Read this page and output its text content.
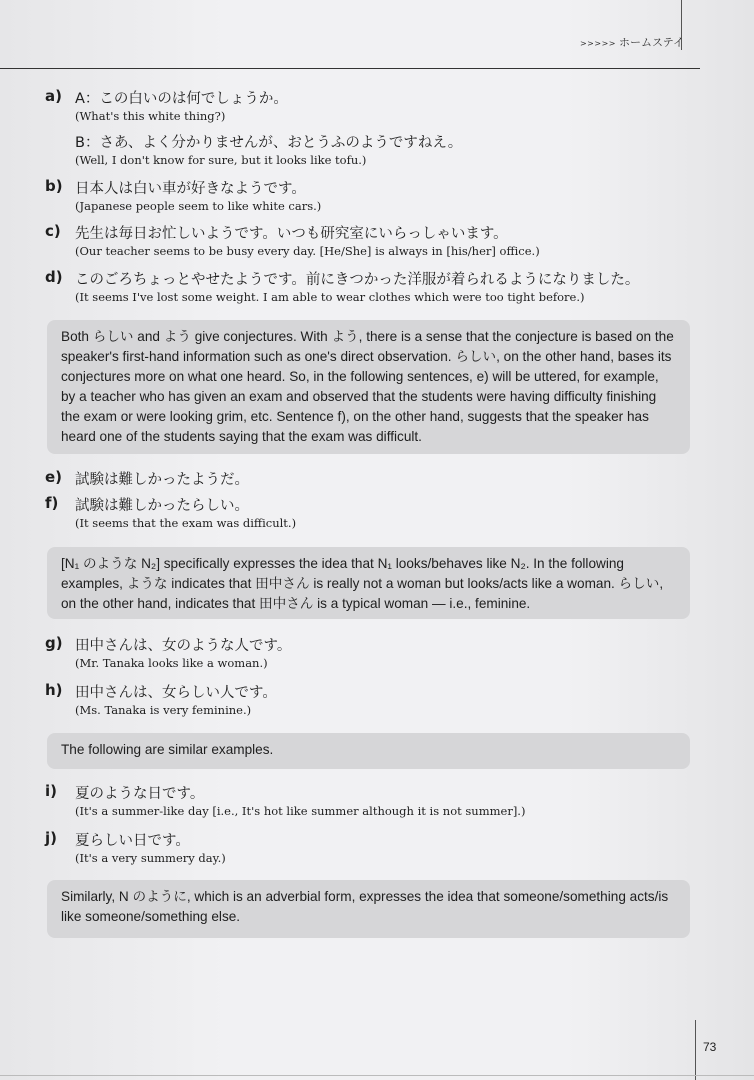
>>>>> ホームステイ
a) A：この白いのは何でしょうか。
(What's this white thing?)
B：さあ、よく分かりませんが、おとうふのようですねえ。
(Well, I don't know for sure, but it looks like tofu.)
b) 日本人は白い車が好きなようです。
(Japanese people seem to like white cars.)
c) 先生は毎日お忙しいようです。いつも研究室にいらっしゃいます。
(Our teacher seems to be busy every day. [He/She] is always in [his/her] office.)
d) このごろちょっとやせたようです。前にきつかった洋服が着られるようになりました。
(It seems I've lost some weight. I am able to wear clothes which were too tight before.)

Both らしい and よう give conjectures. With よう, there is a sense that the conjecture is based on the speaker's first-hand information such as one's direct observation. らしい, on the other hand, bases its conjectures more on what one heard. So, in the following sentences, e) will be uttered, for example, by a teacher who has given an exam and observed that the students were having difficulty finishing the exam or were looking grim, etc. Sentence f), on the other hand, suggests that the speaker has heard one of the students saying that the exam was difficult.

e) 試験は難しかったようだ。
f) 試験は難しかったらしい。
(It seems that the exam was difficult.)

[N₁ のような N₂] specifically expresses the idea that N₁ looks/behaves like N₂. In the following examples, ような indicates that 田中さん is really not a woman but looks/acts like a woman. らしい, on the other hand, indicates that 田中さん is a typical woman — i.e., feminine.

g) 田中さんは、女のような人です。
(Mr. Tanaka looks like a woman.)
h) 田中さんは、女らしい人です。
(Ms. Tanaka is very feminine.)

The following are similar examples.

i) 夏のような日です。
(It's a summer-like day [i.e., It's hot like summer although it is not summer].)
j) 夏らしい日です。
(It's a very summery day.)

Similarly, N のように, which is an adverbial form, expresses the idea that someone/something acts/is like someone/something else.

73
